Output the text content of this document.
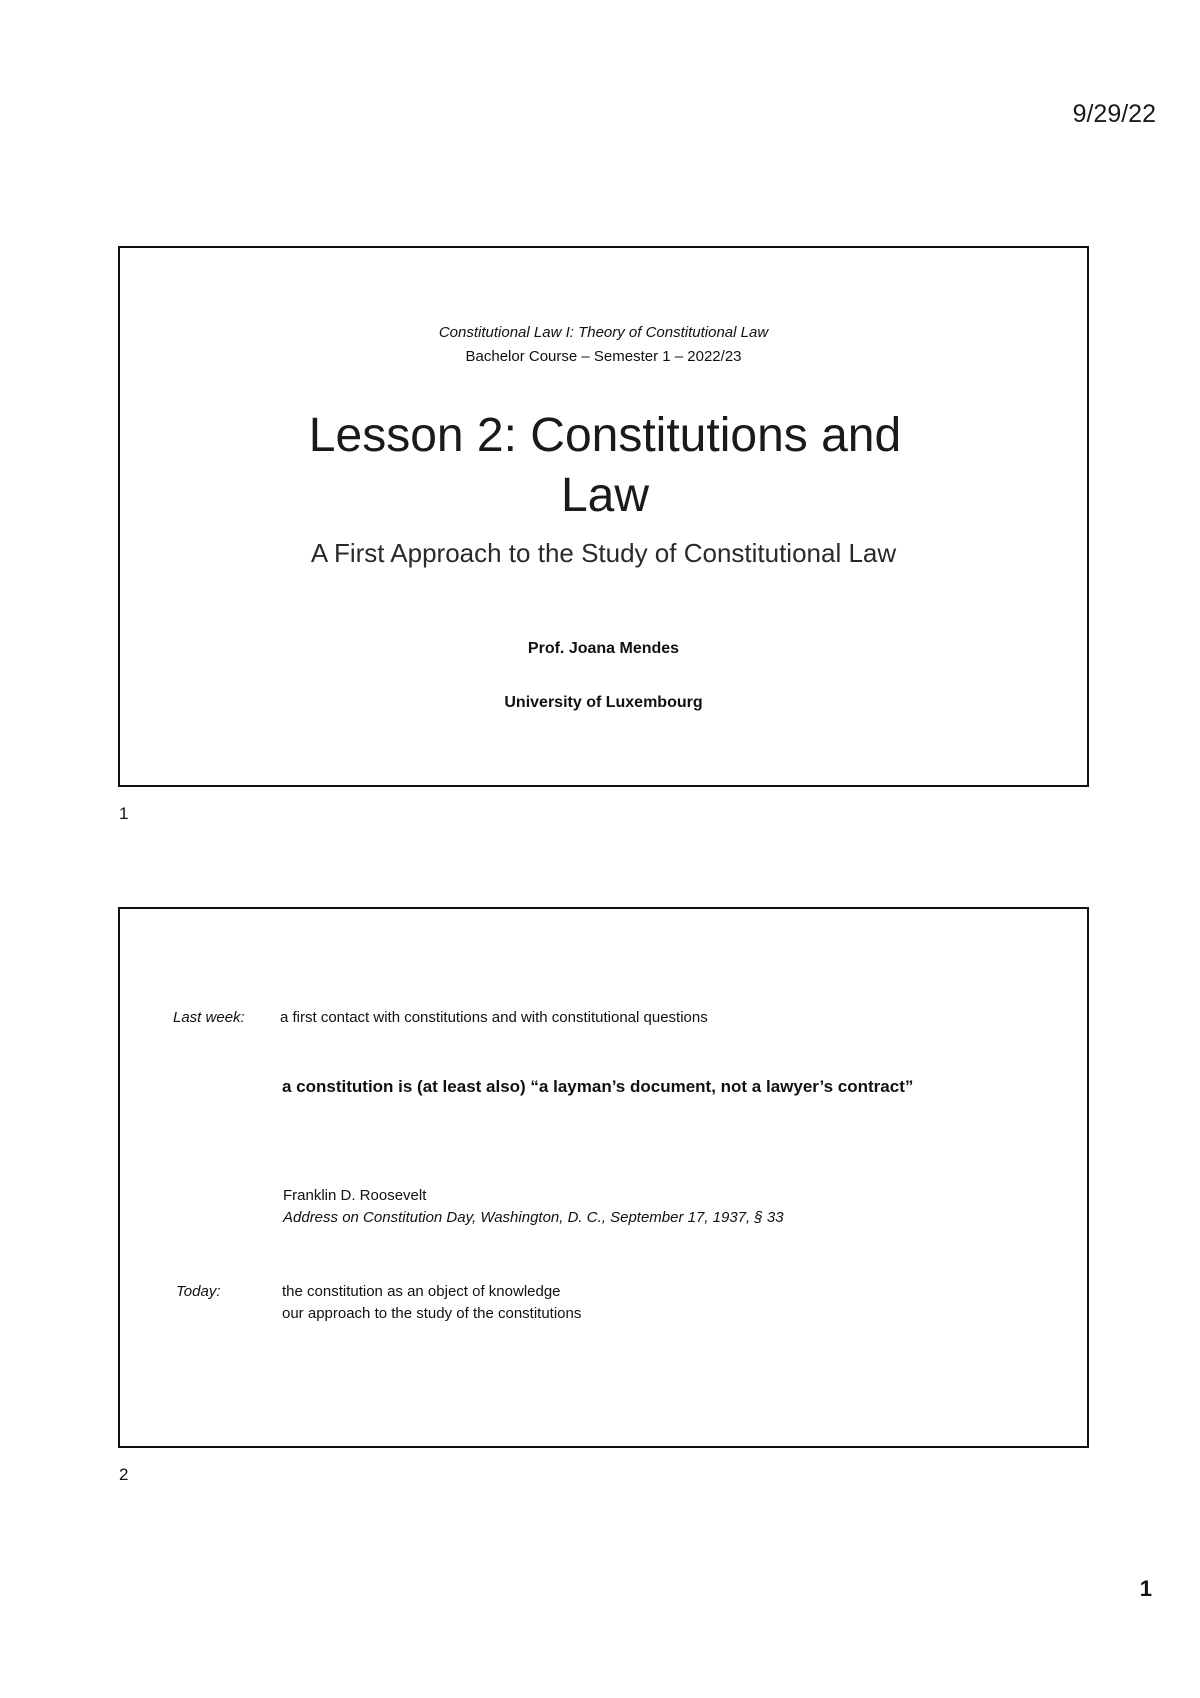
9/29/22
Constitutional Law I: Theory of Constitutional Law
Bachelor Course – Semester 1 – 2022/23
Lesson 2: Constitutions and Law
A First Approach to the Study of Constitutional Law
Prof. Joana Mendes
University of Luxembourg
1
Last week: a first contact with constitutions and with constitutional questions
a constitution is (at least also) “a layman’s document, not a lawyer’s contract”
Franklin D. Roosevelt
Address on Constitution Day, Washington, D. C., September 17, 1937, § 33
Today:	the constitution as an object of knowledge
our approach to the study of the constitutions
2
1
